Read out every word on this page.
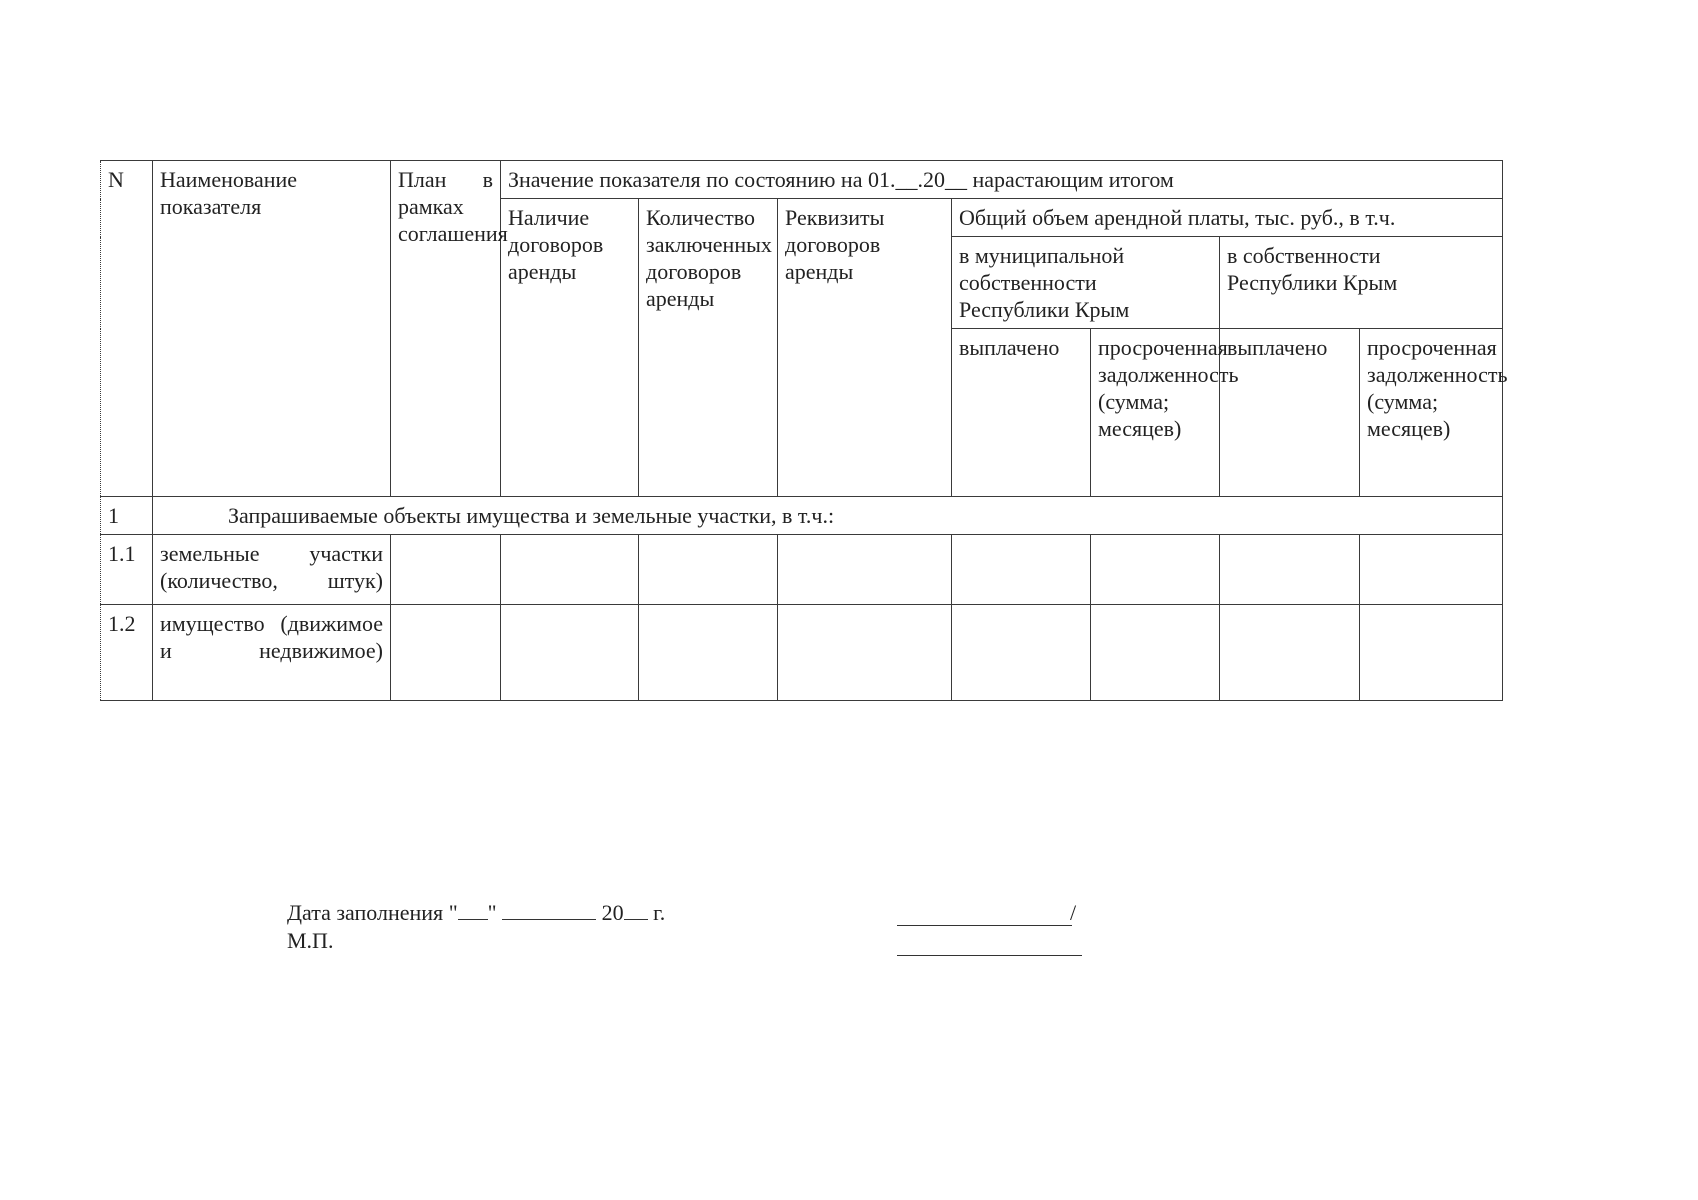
N	Наименование показателя	План в рамках соглашения	Значение показателя по состоянию на 01.__.20__ нарастающим итогом						
			Наличие договоров аренды	Количество заключенных договоров аренды	Реквизиты договоров аренды	Общий объем арендной платы, тыс. руб., в т.ч.			
						в муниципальной собственности Республики Крым		в собственности Республики Крым	
						выплачено	просроченная задолженность (сумма; месяцев)	выплачено	просроченная задолженность (сумма; месяцев)
1	Запрашиваемые объекты имущества и земельные участки, в т.ч.:								
1.1	земельные участки (количество, штук)								
1.2	имущество (движимое и недвижимое)								
Дата заполнения " "	20 г.
М.П.
/
